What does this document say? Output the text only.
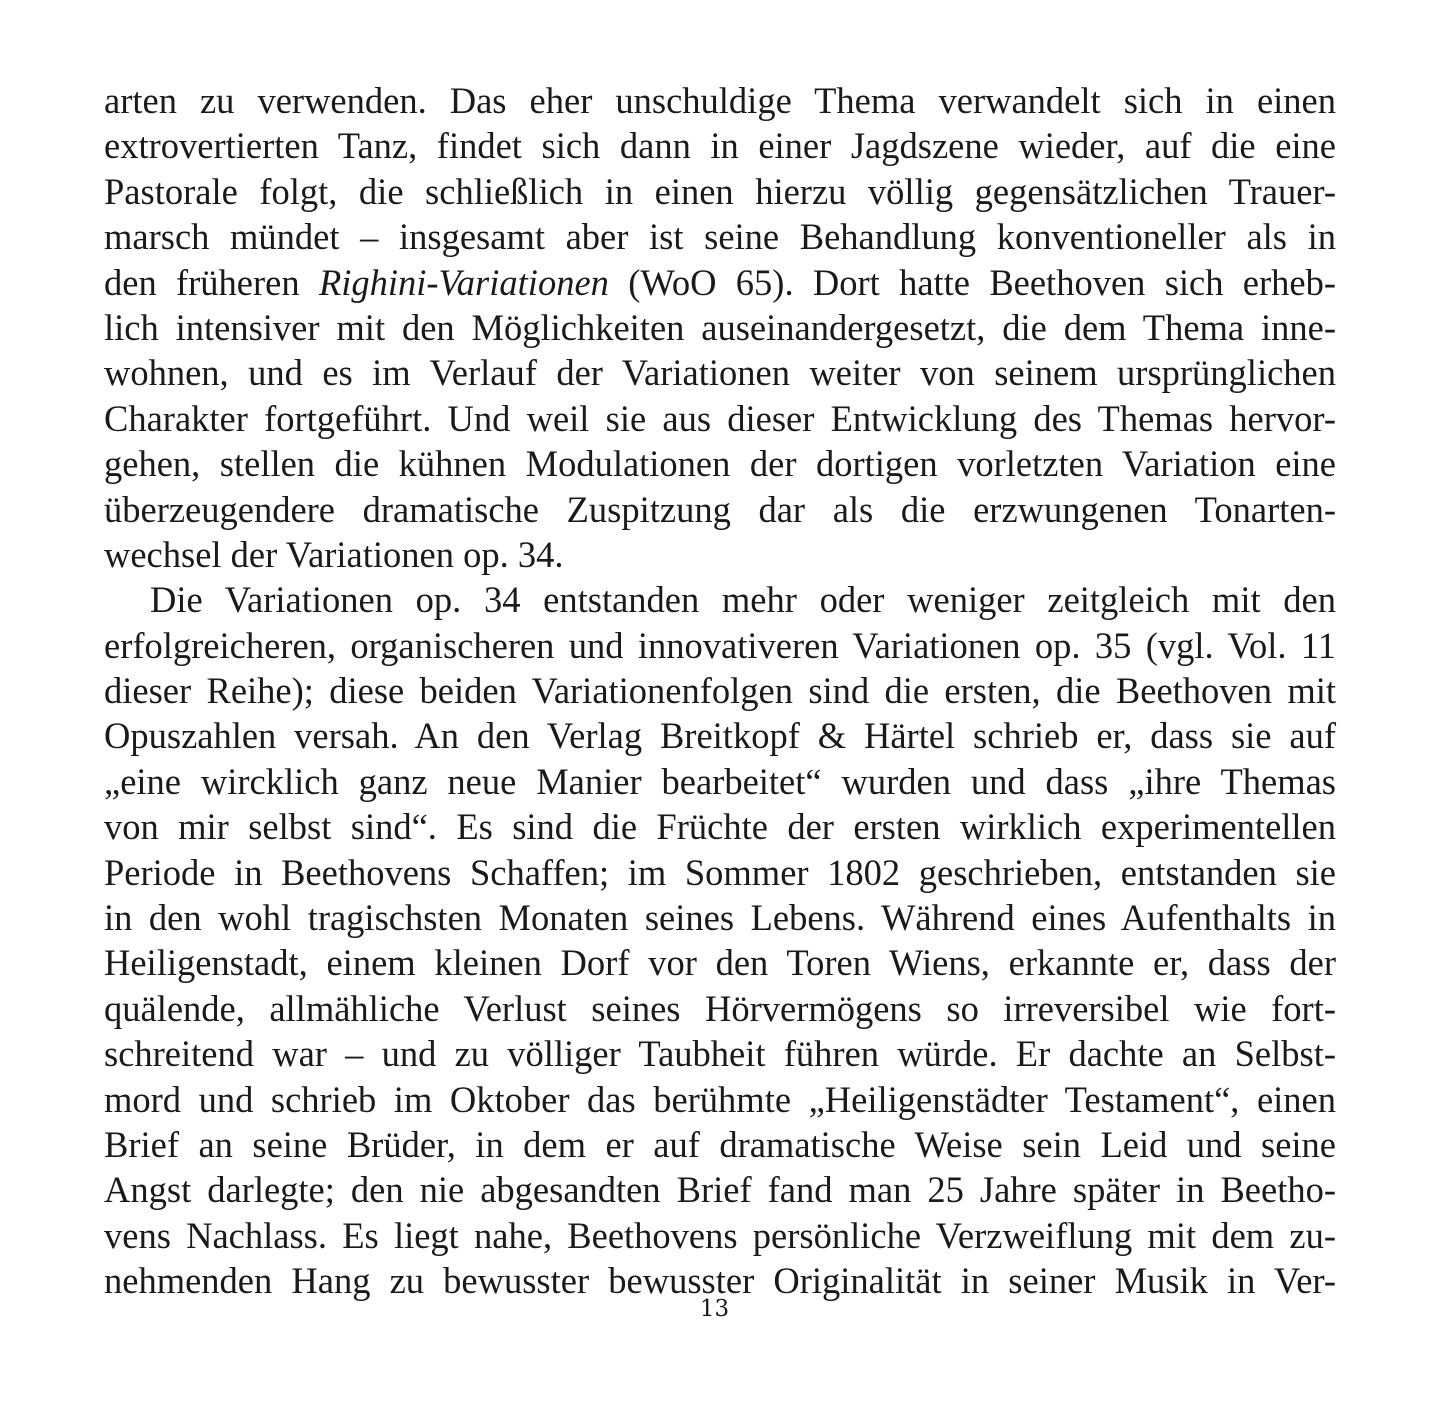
arten zu verwenden. Das eher unschuldige Thema verwandelt sich in einen
extrovertierten Tanz, findet sich dann in einer Jagdszene wieder, auf die eine
Pastorale folgt, die schließlich in einen hierzu völlig gegensätzlichen Trauer-
marsch mündet – insgesamt aber ist seine Behandlung konventioneller als in
den früheren Righini-Variationen (WoO 65). Dort hatte Beethoven sich erheb-
lich intensiver mit den Möglichkeiten auseinandergesetzt, die dem Thema inne-
wohnen, und es im Verlauf der Variationen weiter von seinem ursprünglichen
Charakter fortgeführt. Und weil sie aus dieser Entwicklung des Themas hervor-
gehen, stellen die kühnen Modulationen der dortigen vorletzten Variation eine
überzeugendere dramatische Zuspitzung dar als die erzwungenen Tonarten-
wechsel der Variationen op. 34.
Die Variationen op. 34 entstanden mehr oder weniger zeitgleich mit den
erfolgreicheren, organischeren und innovativeren Variationen op. 35 (vgl. Vol. 11
dieser Reihe); diese beiden Variationenfolgen sind die ersten, die Beethoven mit
Opuszahlen versah. An den Verlag Breitkopf & Härtel schrieb er, dass sie auf
„eine wircklich ganz neue Manier bearbeitet“ wurden und dass „ihre Themas
von mir selbst sind“. Es sind die Früchte der ersten wirklich experimentellen
Periode in Beethovens Schaffen; im Sommer 1802 geschrieben, entstanden sie
in den wohl tragischsten Monaten seines Lebens. Während eines Aufenthalts in
Heiligenstadt, einem kleinen Dorf vor den Toren Wiens, erkannte er, dass der
quälende, allmähliche Verlust seines Hörvermögens so irreversibel wie fort-
schreitend war – und zu völliger Taubheit führen würde. Er dachte an Selbst-
mord und schrieb im Oktober das berühmte „Heiligenstädter Testament“, einen
Brief an seine Brüder, in dem er auf dramatische Weise sein Leid und seine
Angst darlegte; den nie abgesandten Brief fand man 25 Jahre später in Beetho-
vens Nachlass. Es liegt nahe, Beethovens persönliche Verzweiflung mit dem zu-
nehmenden Hang zu bewusster bewusster Originalität in seiner Musik in Ver-
13
